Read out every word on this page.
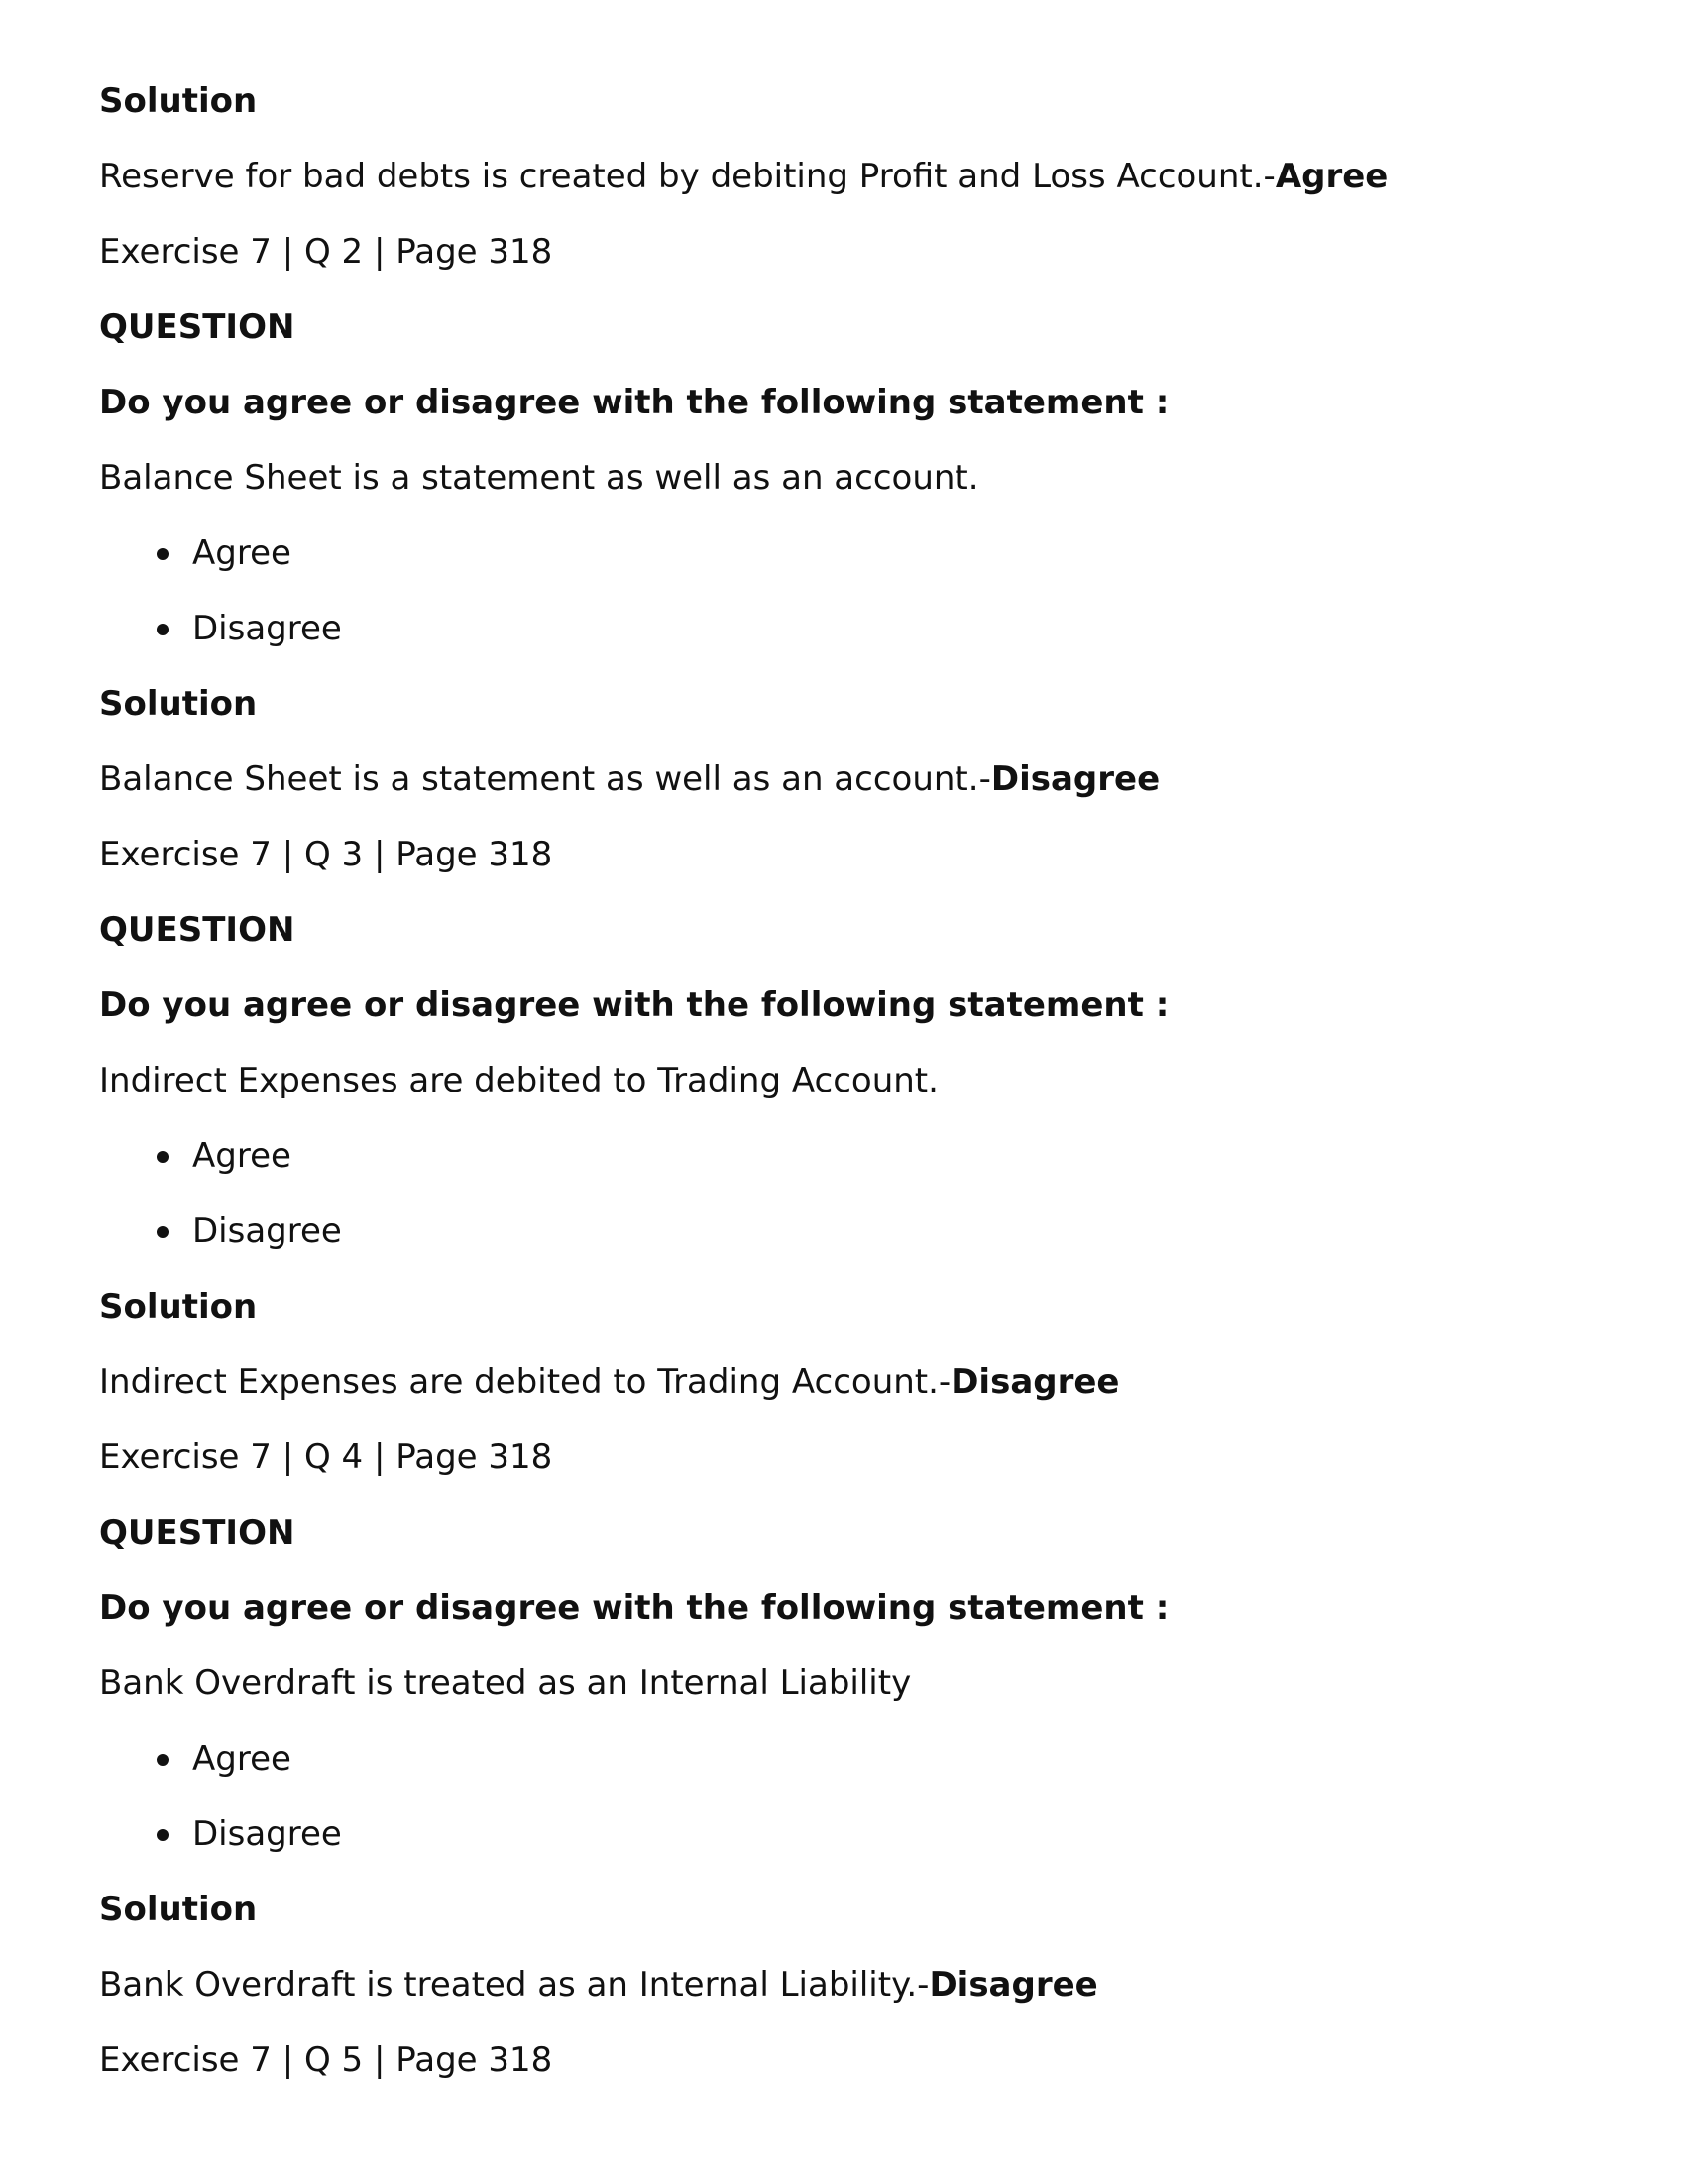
Solution
Reserve for bad debts is created by debiting Profit and Loss Account.-Agree
Exercise 7 | Q 2 | Page 318
QUESTION
Do you agree or disagree with the following statement :
Balance Sheet is a statement as well as an account.
Agree
Disagree
Solution
Balance Sheet is a statement as well as an account.-Disagree
Exercise 7 | Q 3 | Page 318
QUESTION
Do you agree or disagree with the following statement :
Indirect Expenses are debited to Trading Account.
Agree
Disagree
Solution
Indirect Expenses are debited to Trading Account.-Disagree
Exercise 7 | Q 4 | Page 318
QUESTION
Do you agree or disagree with the following statement :
Bank Overdraft is treated as an Internal Liability
Agree
Disagree
Solution
Bank Overdraft is treated as an Internal Liability.-Disagree
Exercise 7 | Q 5 | Page 318
